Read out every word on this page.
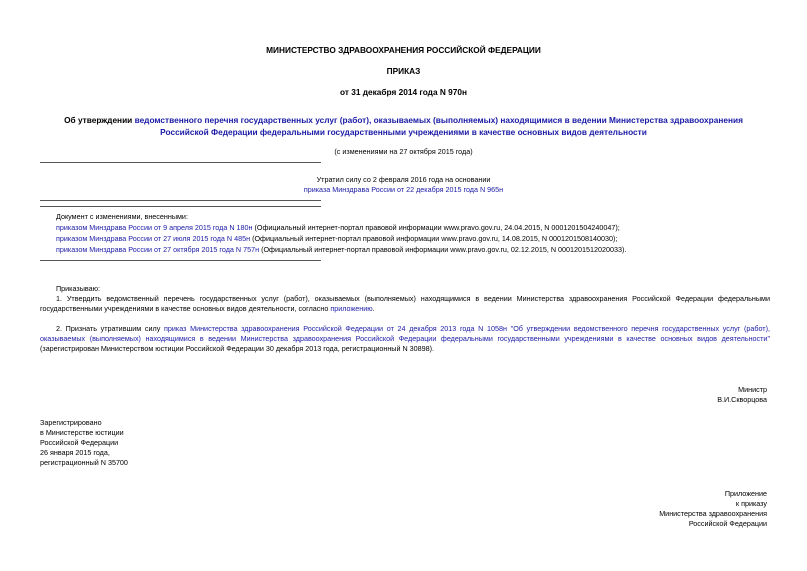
МИНИСТЕРСТВО ЗДРАВООХРАНЕНИЯ РОССИЙСКОЙ ФЕДЕРАЦИИ
ПРИКАЗ
от 31 декабря 2014 года N 970н
Об утверждении ведомственного перечня государственных услуг (работ), оказываемых (выполняемых) находящимися в ведении Министерства здравоохранения Российской Федерации федеральными государственными учреждениями в качестве основных видов деятельности
(с изменениями на 27 октября 2015 года)
Утратил силу со 2 февраля 2016 года на основании
приказа Минздрава России от 22 декабря 2015 года N 965н
Документ с изменениями, внесенными:
приказом Минздрава России от 9 апреля 2015 года N 180н (Официальный интернет-портал правовой информации www.pravo.gov.ru, 24.04.2015, N 0001201504240047);
приказом Минздрава России от 27 июля 2015 года N 485н (Официальный интернет-портал правовой информации www.pravo.gov.ru, 14.08.2015, N 0001201508140030);
приказом Минздрава России от 27 октября 2015 года N 757н (Официальный интернет-портал правовой информации www.pravo.gov.ru, 02.12.2015, N 0001201512020033).
Приказываю:
1. Утвердить ведомственный перечень государственных услуг (работ), оказываемых (выполняемых) находящимися в ведении Министерства здравоохранения Российской Федерации федеральными государственными учреждениями в качестве основных видов деятельности, согласно приложению.
2. Признать утратившим силу приказ Министерства здравоохранения Российской Федерации от 24 декабря 2013 года N 1058н "Об утверждении ведомственного перечня государственных услуг (работ), оказываемых (выполняемых) находящимися в ведении Министерства здравоохранения Российской Федерации федеральными государственными учреждениями в качестве основных видов деятельности" (зарегистрирован Министерством юстиции Российской Федерации 30 декабря 2013 года, регистрационный N 30898).
Министр
В.И.Скворцова
Зарегистрировано
в Министерстве юстиции
Российской Федерации
26 января 2015 года,
регистрационный N 35700
Приложение
к приказу
Министерства здравоохранения
Российской Федерации
